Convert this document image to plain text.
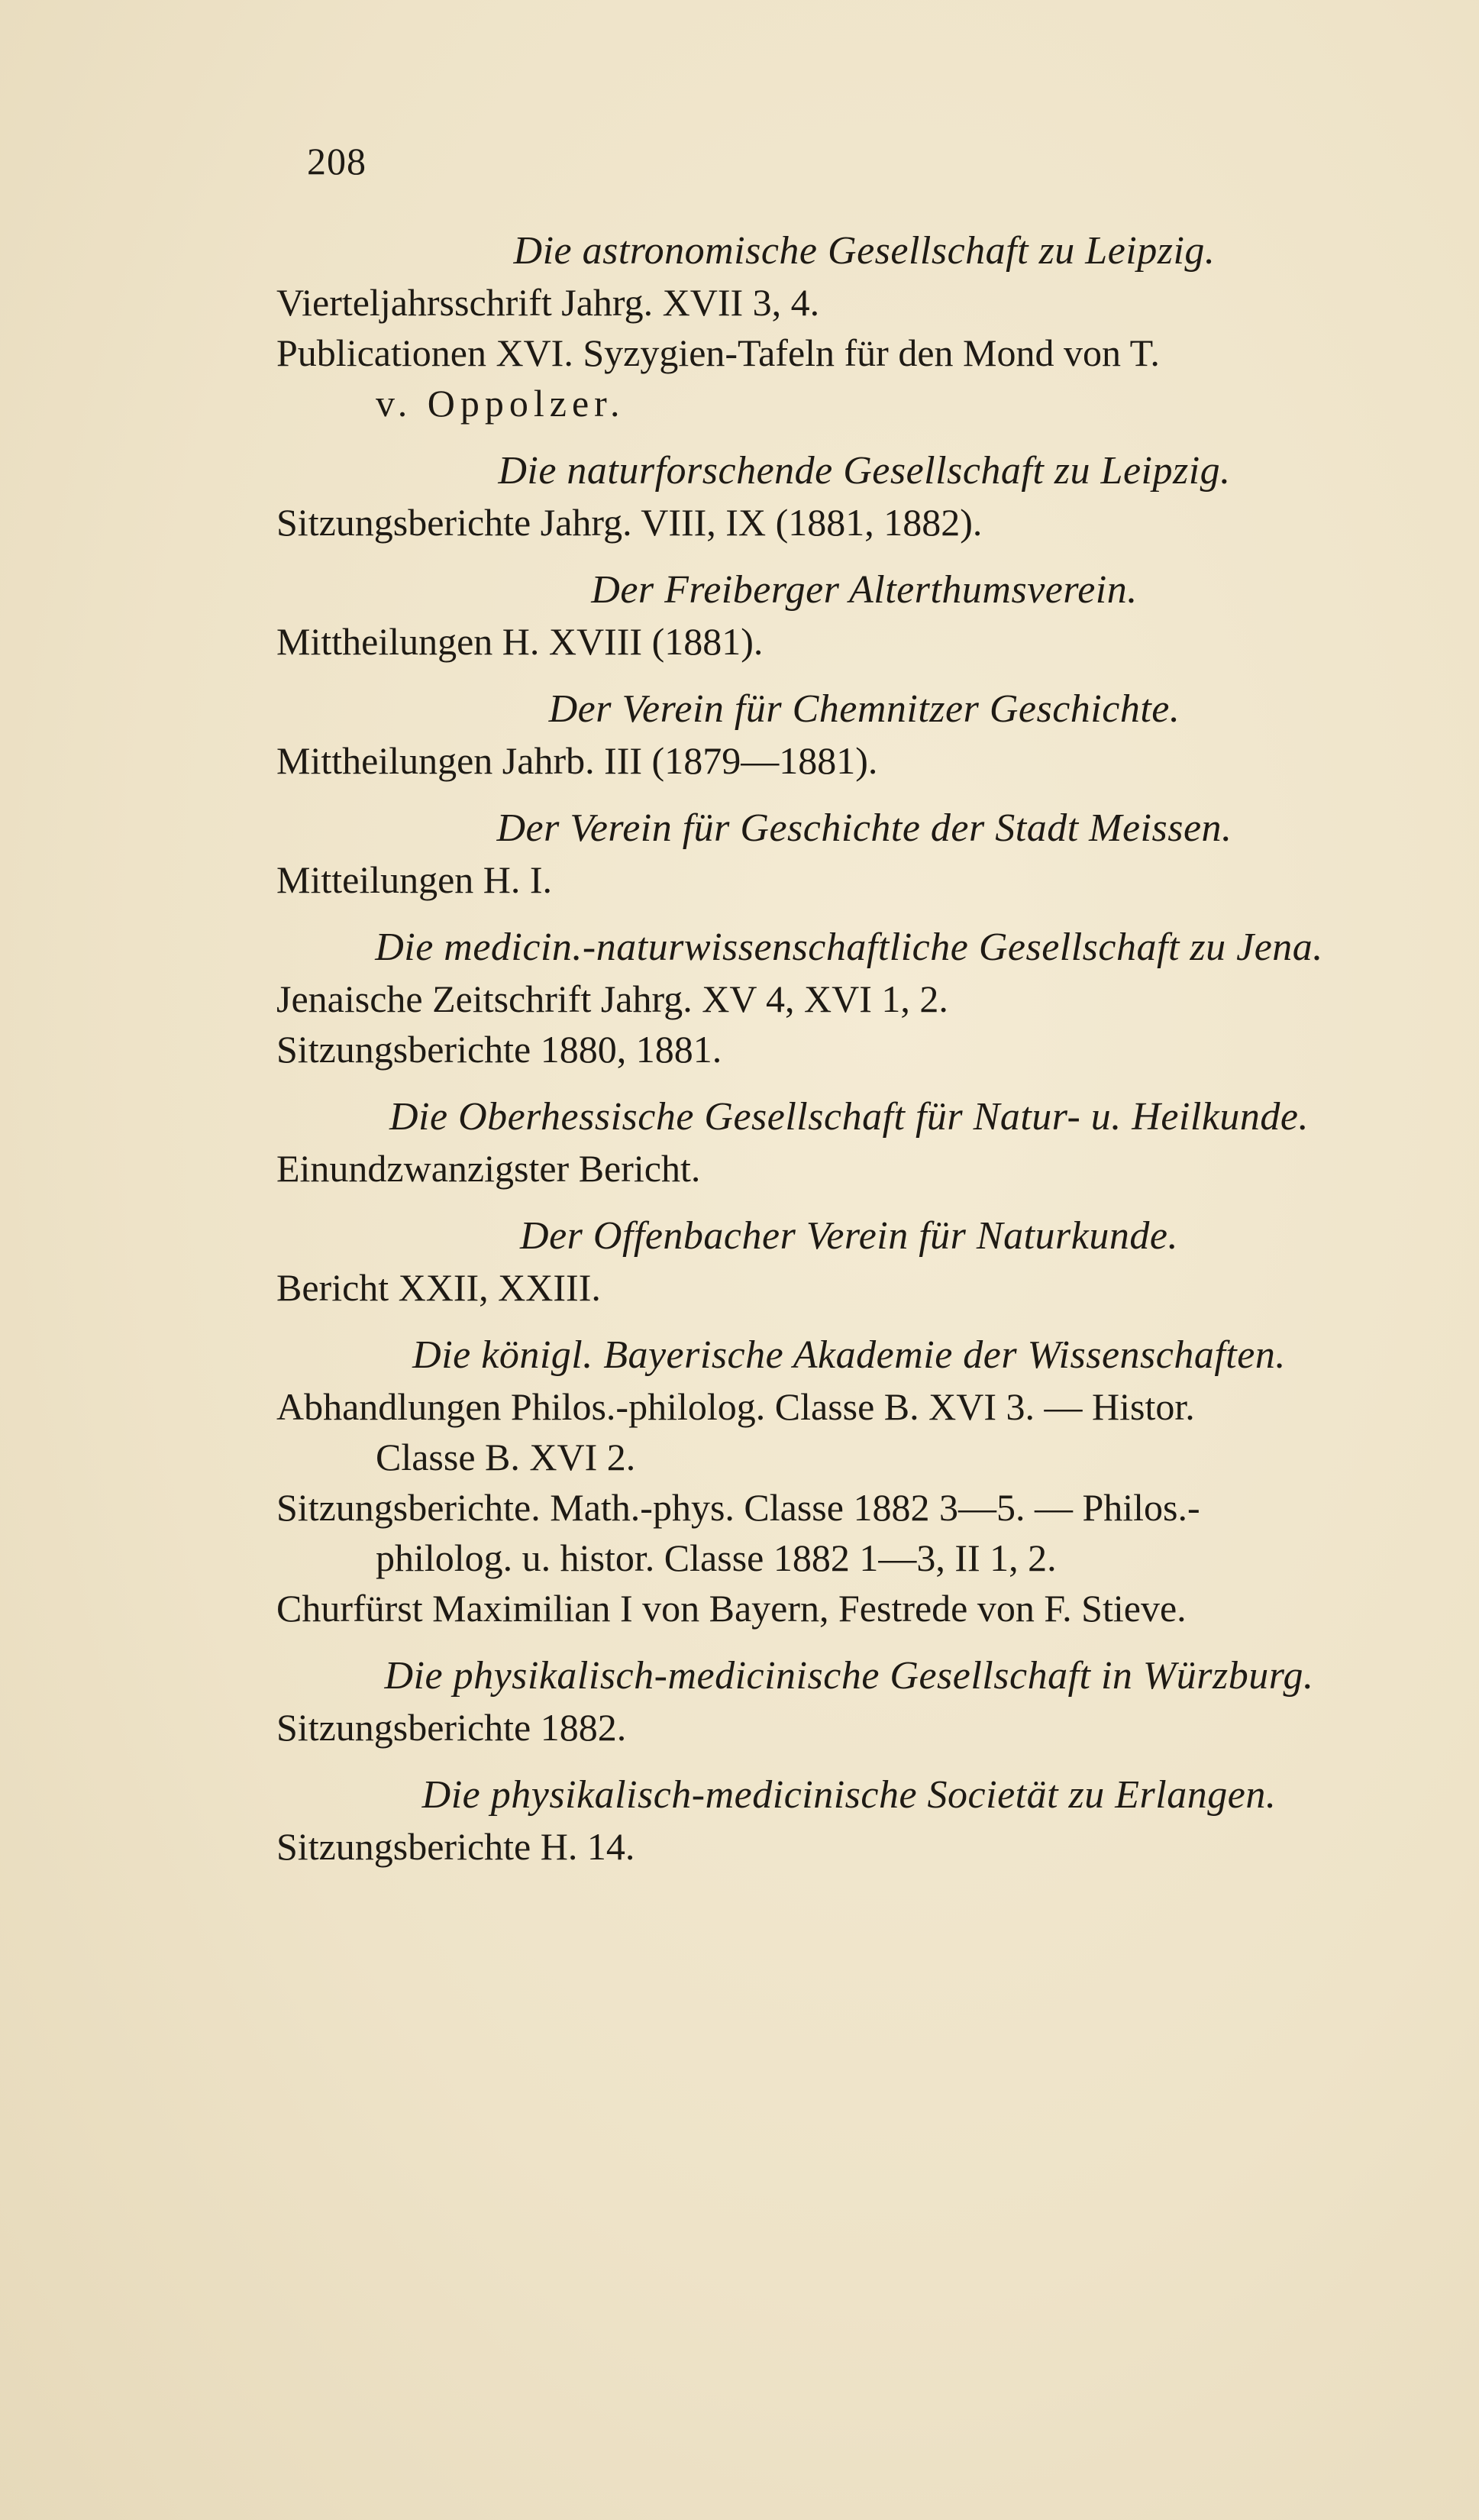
208

Die astronomische Gesellschaft zu Leipzig.

Vierteljahrsschrift Jahrg. XVII 3, 4.

Publicationen XVI. Syzygien-Tafeln für den Mond von T.

v. Oppolzer.

Die naturforschende Gesellschaft zu Leipzig.

Sitzungsberichte Jahrg. VIII, IX (1881, 1882).

Der Freiberger Alterthumsverein.

Mittheilungen H. XVIII (1881).

Der Verein für Chemnitzer Geschichte.

Mittheilungen Jahrb. III (1879—1881).

Der Verein für Geschichte der Stadt Meissen.

Mitteilungen H. I.

Die medicin.-naturwissenschaftliche Gesellschaft zu Jena.

Jenaische Zeitschrift Jahrg. XV 4, XVI 1, 2.

Sitzungsberichte 1880, 1881.

Die Oberhessische Gesellschaft für Natur- u. Heilkunde.

Einundzwanzigster Bericht.

Der Offenbacher Verein für Naturkunde.

Bericht XXII, XXIII.

Die königl. Bayerische Akademie der Wissenschaften.

Abhandlungen Philos.-philolog. Classe B. XVI 3. — Histor.

Classe B. XVI 2.

Sitzungsberichte. Math.-phys. Classe 1882 3—5. — Philos.-

philolog. u. histor. Classe 1882 1—3, II 1, 2.

Churfürst Maximilian I von Bayern, Festrede von F. Stieve.

Die physikalisch-medicinische Gesellschaft in Würzburg.

Sitzungsberichte 1882.

Die physikalisch-medicinische Societät zu Erlangen.

Sitzungsberichte H. 14.
